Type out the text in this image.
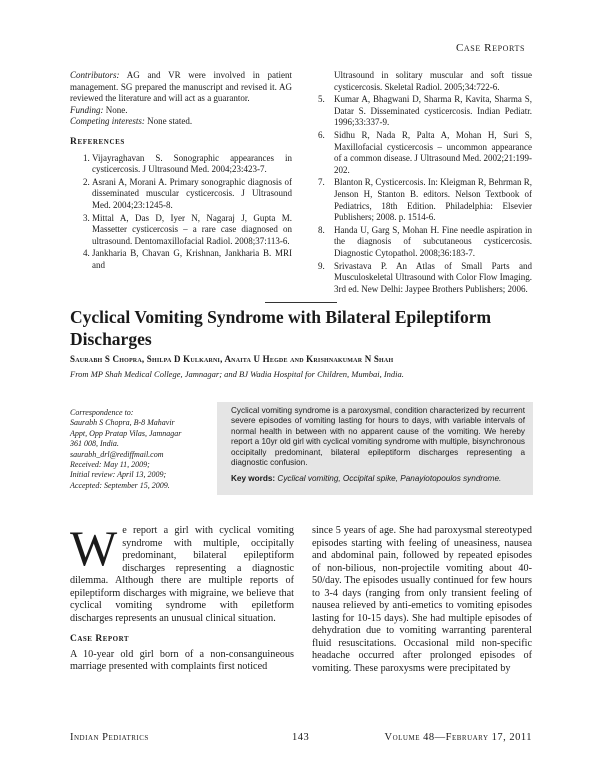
Case Reports
Contributors: AG and VR were involved in patient management. SG prepared the manuscript and revised it. AG reviewed the literature and will act as a guarantor.
Funding: None.
Competing interests: None stated.
References
1. Vijayraghavan S. Sonographic appearances in cysticercosis. J Ultrasound Med. 2004;23:423-7.
2. Asrani A, Morani A. Primary sonographic diagnosis of disseminated muscular cysticercosis. J Ultrasound Med. 2004;23:1245-8.
3. Mittal A, Das D, Iyer N, Nagaraj J, Gupta M. Massetter cysticercosis – a rare case diagnosed on ultrasound. Dentomaxillofacial Radiol. 2008;37:113-6.
4. Jankharia B, Chavan G, Krishnan, Jankharia B. MRI and
Ultrasound in solitary muscular and soft tissue cysticercosis. Skeletal Radiol. 2005;34:722-6.
5. Kumar A, Bhagwani D, Sharma R, Kavita, Sharma S, Datar S. Disseminated cysticercosis. Indian Pediatr. 1996;33:337-9.
6. Sidhu R, Nada R, Palta A, Mohan H, Suri S, Maxillofacial cysticercosis – uncommon appearance of a common disease. J Ultrasound Med. 2002;21:199-202.
7. Blanton R, Cysticercosis. In: Kleigman R, Behrman R, Jenson H, Stanton B. editors. Nelson Textbook of Pediatrics, 18th Edition. Philadelphia: Elsevier Publishers; 2008. p. 1514-6.
8. Handa U, Garg S, Mohan H. Fine needle aspiration in the diagnosis of subcutaneous cysticercosis. Diagnostic Cytopathol. 2008;36:183-7.
9. Srivastava P. An Atlas of Small Parts and Musculoskeletal Ultrasound with Color Flow Imaging. 3rd ed. New Delhi: Jaypee Brothers Publishers; 2006.
Cyclical Vomiting Syndrome with Bilateral Epileptiform Discharges
Saurabh S Chopra, Shilpa D Kulkarni, Anaita U Hegde and Krishnakumar N Shah
From MP Shah Medical College, Jamnagar; and BJ Wadia Hospital for Children, Mumbai, India.
Correspondence to:
Saurabh S Chopra, B-8 Mahavir
Appt, Opp Pratap Vilas, Jamnagar
361 008, India.
saurabh_drl@rediffmail.com
Received: May 11, 2009;
Initial review: April 13, 2009;
Accepted: September 15, 2009.

Cyclical vomiting syndrome is a paroxysmal, condition characterized by recurrent severe episodes of vomiting lasting for hours to days, with variable intervals of normal health in between with no apparent cause of the vomiting. We hereby report a 10yr old girl with cyclical vomiting syndrome with multiple, bisynchronous occipitally predominant, bilateral epileptiform discharges representing a diagnostic confusion.

Key words: Cyclical vomiting, Occipital spike, Panayiotopoulos syndrome.

We report a girl with cyclical vomiting syndrome with multiple, occipitally predominant, bilateral epileptiform discharges representing a diagnostic dilemma. Although there are multiple reports of epileptiform discharges with migraine, we believe that cyclical vomiting syndrome with epiletform discharges represents an unusual clinical situation.

Case Report

A 10-year old girl born of a non-consanguineous marriage presented with complaints first noticed

since 5 years of age. She had paroxysmal stereotyped episodes starting with feeling of uneasiness, nausea and abdominal pain, followed by repeated episodes of non-bilious, non-projectile vomiting about 40-50/day. The episodes usually continued for few hours to 3-4 days (ranging from only transient feeling of nausea relieved by anti-emetics to vomiting episodes lasting for 10-15 days). She had multiple episodes of dehydration due to vomiting warranting parenteral fluid resuscitations. Occasional mild non-specific headache occurred after prolonged episodes of vomiting. These paroxysms were precipitated by

Indian Pediatrics	143	Volume 48—February 17, 2011
